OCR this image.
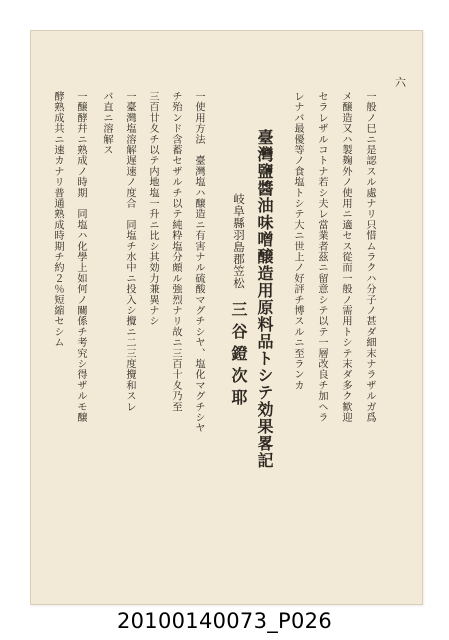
六
一般ノ巳ニ是認スル處ナリ只惜ムラクハ分子ノ甚ダ細末ナラザルガ爲
メ醸造又ハ製麹外ノ使用ニ適セス從而一般ノ需用トシテ末ダ多ク歓迎
セラレザルコトナ若シ夫レ當業者茲ニ留意シテ以テ一層改良チ加ヘラ
レナバ最優等ノ食塩トシテ大ニ世上ノ好評チ博スルニ至ランカ
臺灣鹽醬油味噌醸造用原料品トシテ効果畧記
岐阜縣羽島郡笠松
三谷鐙次耶
一使用方法　臺灣塩ハ醸造ニ有害ナル硫酸マグチシヤ、塩化マグチシヤ
チ殆ンド含蓄セザルチ以テ純粋塩分頗ル強烈ナリ故ニ三百十夊乃至
三百廿夊チ以テ内地塩一升ニ比シ其効力兼異ナシ
一臺灣塩溶解遅速ノ度合　同塩チ水中ニ投入シ攪ニ二三度攪和スレ
バ直ニ溶解ス
一醸酵幷ニ熟成ノ時期　同塩ハ化學上如何ノ關係チ考究シ得ザルモ醸
酵熟成共ニ速カナリ普通熟成時期チ約２％短縮セシム
20100140073_P026
